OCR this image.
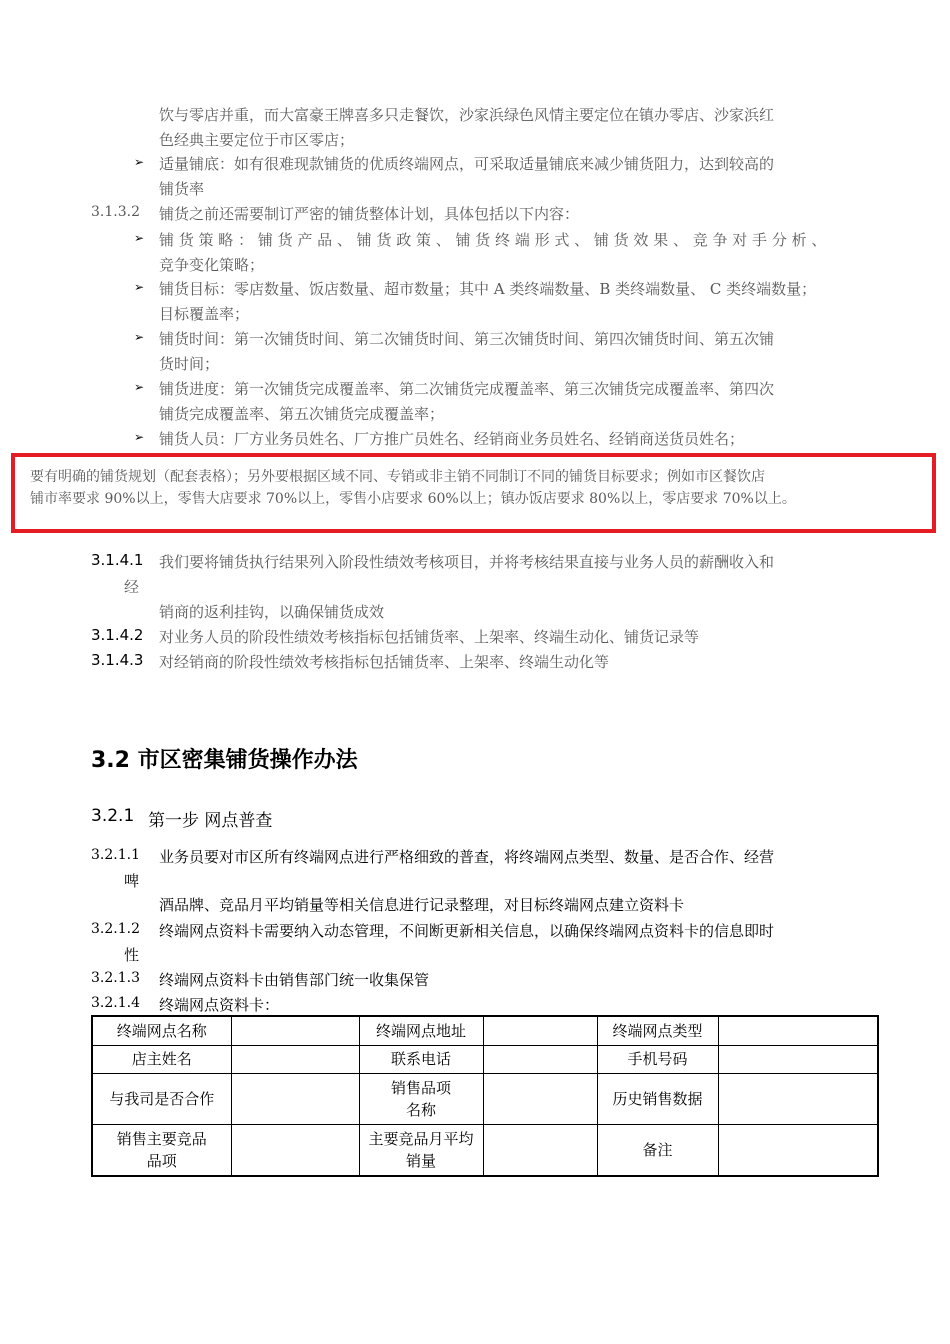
饮与零店并重，而大富豪王牌喜多只走餐饮，沙家浜绿色风情主要定位在镇办零店、沙家浜红
色经典主要定位于市区零店；
➢ 适量铺底：如有很难现款铺货的优质终端网点，可采取适量铺底来减少铺货阻力，达到较高的
铺货率
3.1.3.2 铺货之前还需要制订严密的铺货整体计划，具体包括以下内容：
➢ 铺 货 策 略 ： 铺 货 产 品 、 铺 货 政 策 、 铺 货 终 端 形 式 、 铺 货 效 果 、 竞 争 对 手 分 析 、
竞争变化策略；
➢ 铺货目标：零店数量、饭店数量、超市数量；其中 A 类终端数量、B 类终端数量、 C 类终端数量；
目标覆盖率；
➢ 铺货时间：第一次铺货时间、第二次铺货时间、第三次铺货时间、第四次铺货时间、第五次铺
货时间；
➢ 铺货进度：第一次铺货完成覆盖率、第二次铺货完成覆盖率、第三次铺货完成覆盖率、第四次
铺货完成覆盖率、第五次铺货完成覆盖率；
➢ 铺货人员：厂方业务员姓名、厂方推广员姓名、经销商业务员姓名、经销商送货员姓名；
要有明确的铺货规划（配套表格）；另外要根据区域不同、专销或非主销不同制订不同的铺货目标要求；例如市区餐饮店
铺市率要求 90%以上，零售大店要求 70%以上，零售小店要求 60%以上；镇办饭店要求 80%以上，零店要求 70%以上。
3.1.4.1 我们要将铺货执行结果列入阶段性绩效考核项目，并将考核结果直接与业务人员的薪酬收入和
经
销商的返利挂钩，以确保铺货成效
3.1.4.2 对业务人员的阶段性绩效考核指标包括铺货率、上架率、终端生动化、铺货记录等
3.1.4.3 对经销商的阶段性绩效考核指标包括铺货率、上架率、终端生动化等
3.2 市区密集铺货操作办法
3.2.1 第一步 网点普查
3.2.1.1 业务员要对市区所有终端网点进行严格细致的普查，将终端网点类型、数量、是否合作、经营
啤
酒品牌、竞品月平均销量等相关信息进行记录整理，对目标终端网点建立资料卡
3.2.1.2 终端网点资料卡需要纳入动态管理，不间断更新相关信息，以确保终端网点资料卡的信息即时
性
3.2.1.3 终端网点资料卡由销售部门统一收集保管
3.2.1.4 终端网点资料卡：
终端网点名称		终端网点地址		终端网点类型	
店主姓名		联系电话		手机号码	
与我司是否合作		销售品项名称		历史销售数据	
销售主要竞品品项		主要竞品月平均销量		备注	
